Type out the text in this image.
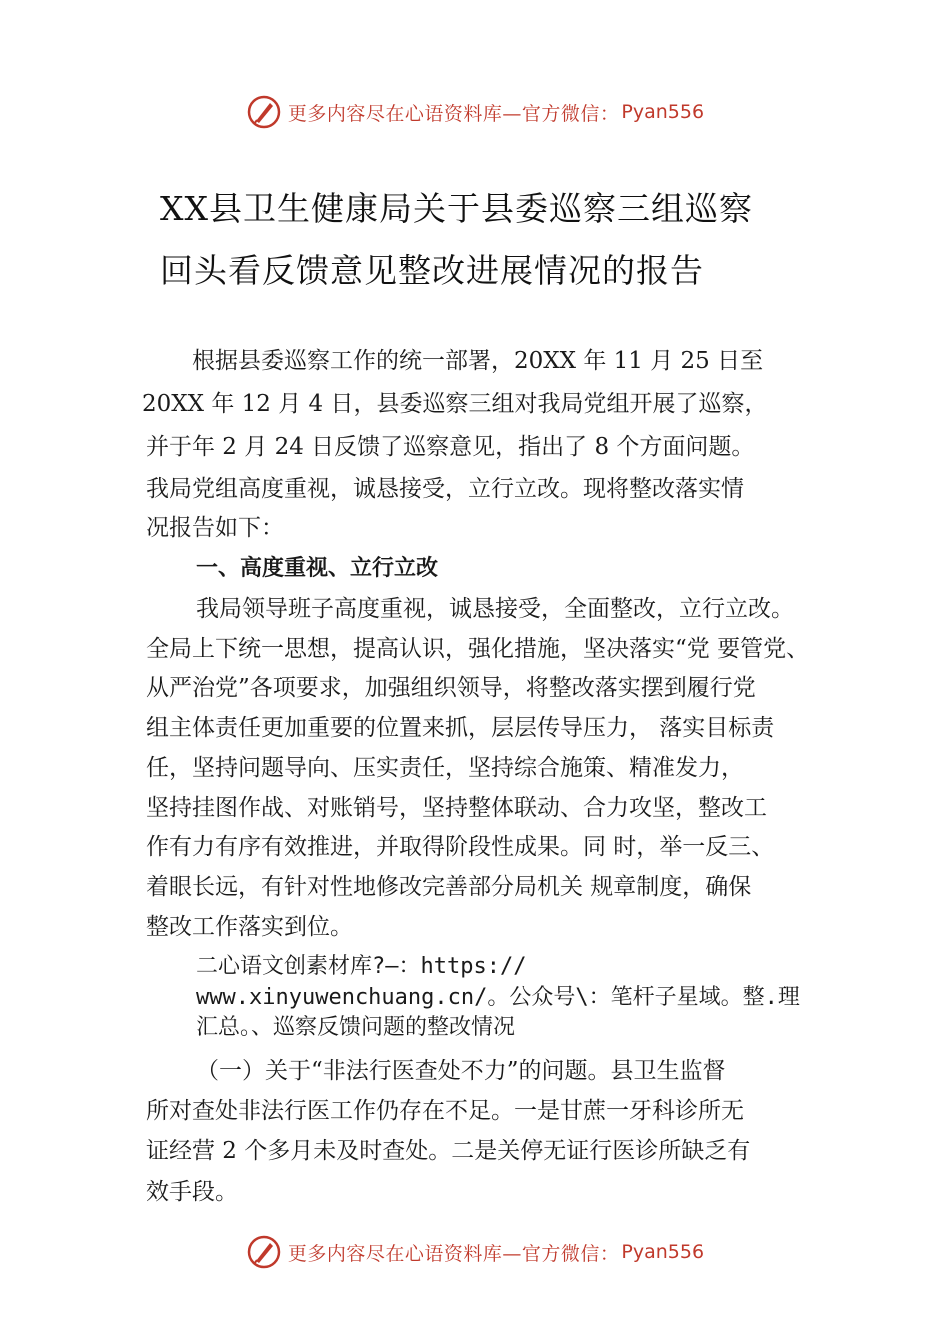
更多内容尽在心语资料库—官方微信： Pyan556
XX县卫生健康局关于县委巡察三组巡察
回头看反馈意见整改进展情况的报告
根据县委巡察工作的统一部署，20XX 年 11 月 25 日至
20XX 年 12 月 4 日，县委巡察三组对我局党组开展了巡察，
并于年 2 月 24 日反馈了巡察意见，指出了 8 个方面问题。
我局党组高度重视，诚恳接受，立行立改。现将整改落实情
况报告如下：
一、高度重视、立行立改
我局领导班子高度重视，诚恳接受，全面整改，立行立改。
全局上下统一思想，提高认识，强化措施，坚决落实“党 要管党、
从严治党”各项要求，加强组织领导，将整改落实摆到履行党
组主体责任更加重要的位置来抓，层层传导压力， 落实目标责
任，坚持问题导向、压实责任，坚持综合施策、精准发力，
坚持挂图作战、对账销号，坚持整体联动、合力攻坚，整改工
作有力有序有效推进，并取得阶段性成果。同 时，举一反三、
着眼长远，有针对性地修改完善部分局机关 规章制度，确保
整改工作落实到位。
二心语文创素材库?—：https://
www.xinyuwenchuang.cn/。公众号\：笔杆子星域。整.理
汇总。、巡察反馈问题的整改情况
（一）关于“非法行医查处不力”的问题。县卫生监督
所对查处非法行医工作仍存在不足。一是甘蔗一牙科诊所无
证经营 2 个多月未及时查处。二是关停无证行医诊所缺乏有
效手段。
更多内容尽在心语资料库—官方微信： Pyan556
